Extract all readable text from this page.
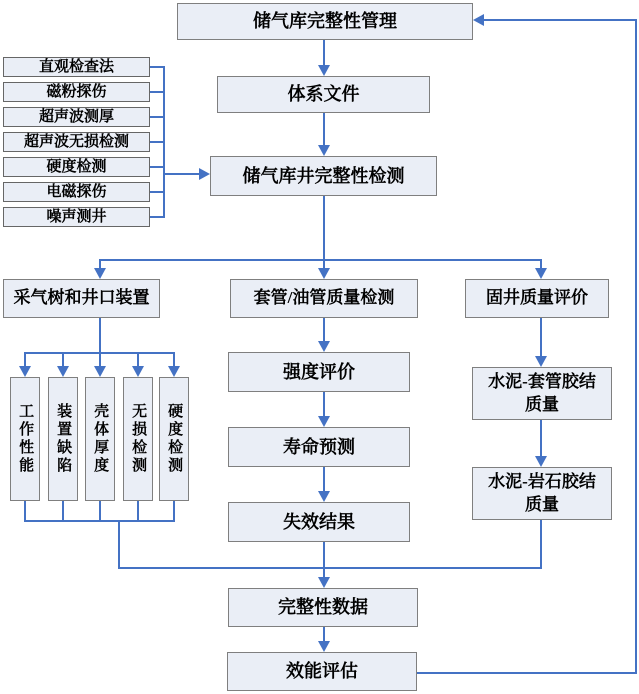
储气库完整性管理
体系文件
储气库井完整性检测
直观检查法
磁粉探伤
超声波测厚
超声波无损检测
硬度检测
电磁探伤
噪声测井
采气树和井口装置	套管/油管质量检测	固井质量评价
工作性能 装置缺陷 壳体厚度 无损检测 硬度检测
强度评价
寿命预测
失效结果
水泥-套管胶结质量
水泥-岩石胶结质量
完整性数据
效能评估
